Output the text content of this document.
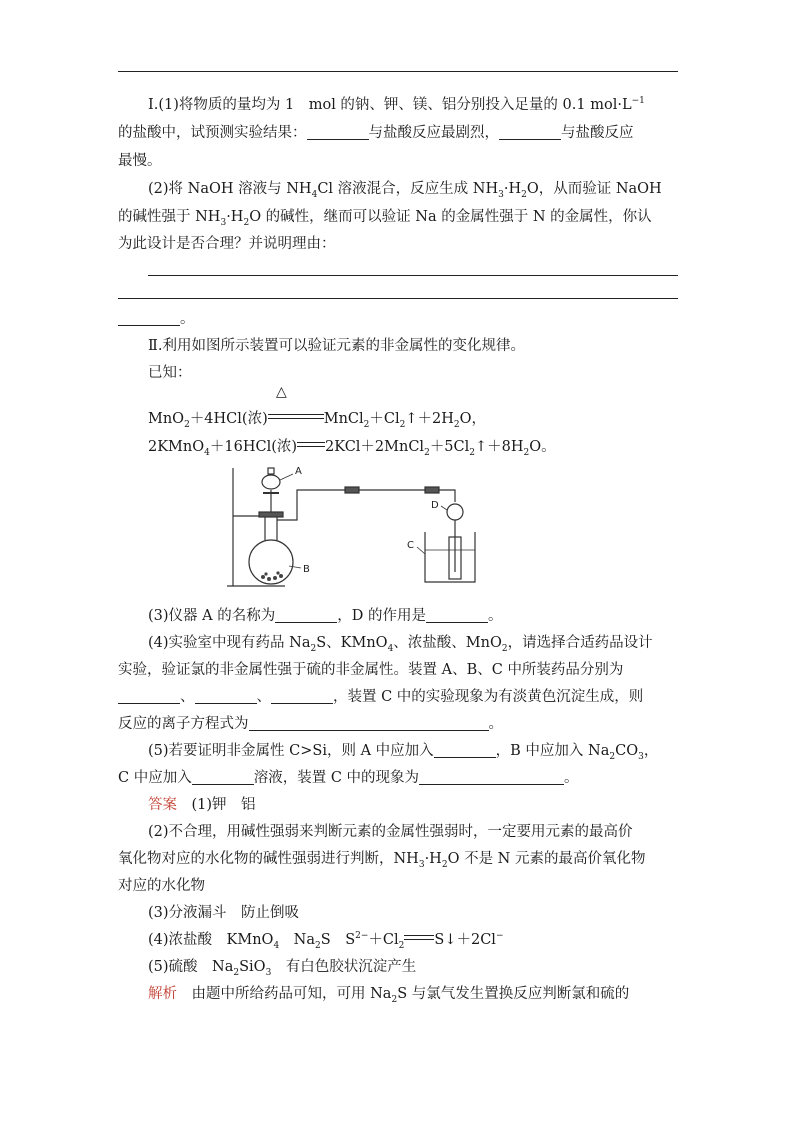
Ⅰ.(1)将物质的量均为 1　mol 的钠、钾、镁、铝分别投入足量的 0.1 $mol\cdot L^{-1}$
的盐酸中，试预测实验结果：	与盐酸反应最剧烈，	与盐酸反应
最慢。
(2)将 NaOH 溶液与 $NH_4Cl$ 溶液混合，反应生成 $NH_3\cdot H_2O$，从而验证 NaOH
的碱性强于 $NH_3\cdot H_2O$ 的碱性，继而可以验证 Na 的金属性强于 N 的金属性，你认
为此设计是否合理？并说明理由：
。
Ⅱ.利用如图所示装置可以验证元素的非金属性的变化规律。
已知：
△
MnO$_2$＋4HCl(浓)	$MnCl_2+Cl_2↑+2H_2O$，
2KMnO$_4$＋16HCl(浓) $2KCl+2MnCl_2+5Cl_2↑+8H_2O$。
(3)仪器 A 的名称为	，D 的作用是	。
(4)实验室中现有药品 $Na_2S$、KMnO$_4$、浓盐酸、MnO$_2$，请选择合适药品设计
实验，验证氯的非金属性强于硫的非金属性。装置 A、B、C 中所装药品分别为
、	、	，装置 C 中的实验现象为有淡黄色沉淀生成，则
反应的离子方程式为	。
(5)若要证明非金属性 C>Si，则 A 中应加入	，B 中应加入 $Na_2CO_3$，
C 中应加入	溶液，装置 C 中的现象为	。
答案　 (1)钾　铝
(2)不合理，用碱性强弱来判断元素的金属性强弱时，一定要用元素的最高价
氧化物对应的水化物的碱性强弱进行判断，$NH_3\cdot H_2O$ 不是 N 元素的最高价氧化物
对应的水化物
(3)分液漏斗　防止倒吸
(4)浓盐酸　KMnO$_4$　$Na_2S$　$S^{2-}+Cl_2$ S↓＋2Cl−
(5)硫酸　$Na_2SiO_3$　有白色胶状沉淀产生
解析　 由题中所给药品可知，可用 $Na_2S$ 与氯气发生置换反应判断氯和硫的
A
B
C
D
